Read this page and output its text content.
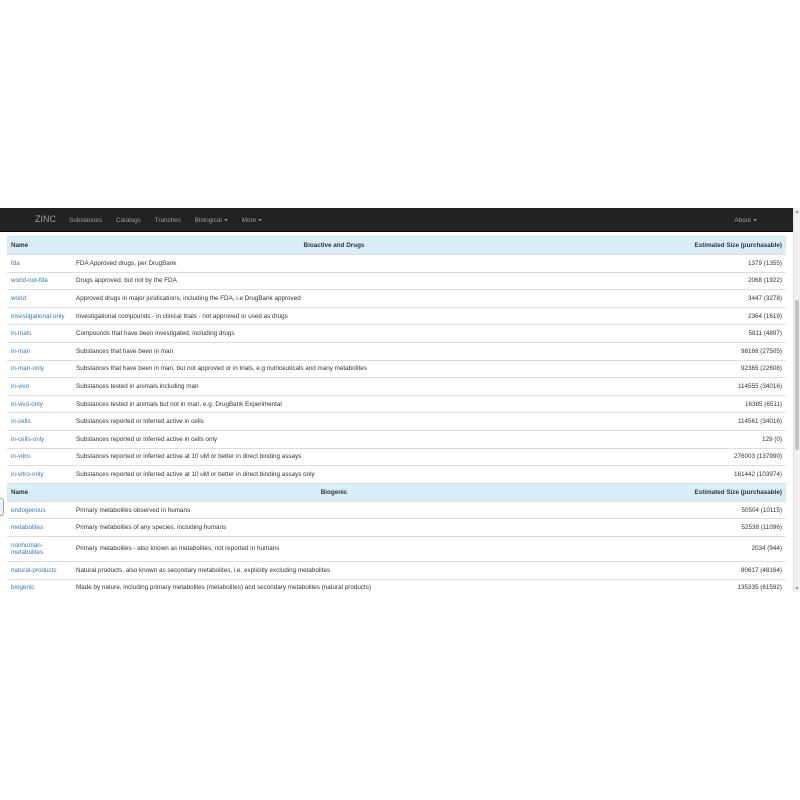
ZINC Substances Catalogs Tranches Biological	More	About
Name	Bioactive and Drugs	Estimated Size (purchasable)
fda	FDA Approved drugs, per DrugBank	1379 (1355)
world-not-fda	Drugs approved, but not by the FDA	2068 (1922)
world	Approved drugs in major juridications, including the FDA, i.e DrugBank approved	3447 (3278)
investigational-only	Investigational compounds - in clinical trials - not approved or used as drugs	2364 (1619)
in-trials	Compounds that have been investigated, including drugs	5811 (4897)
in-man	Substances that have been in man	98168 (27505)
in-man-only	Substances that have been in man, but not approved or in trials, e.g nutriceuticals and many metabolites	92365 (22608)
in-vivo	Substances tested in animals including man	114555 (34016)
in-vivo-only	Substances tested in animals but not in man, e.g. DrugBank Experimental	16385 (6511)
in-cells	Substances reported or inferred active in cells	114561 (34016)
in-cells-only	Substances reported or inferred active in cells only	129 (0)
in-vitro	Substances reported or inferred active at 10 uM or better in direct binding assays	276003 (137990)
in-vitro-only	Substances reported or inferred active at 10 uM or better in direct binding assays only	161442 (103974)
Name	Biogenic	Estimated Size (purchasable)
endogenous	Primary metabolites observed in humans	50504 (10115)
metabolites	Primary metabolites of any species, including humans	52538 (11096)
nonhuman-metabolites	Primary metabolites - also known as metabolites, not reported in humans	2034 (944)
natural-products	Natural products, also known as secondary metabolites, i.e. explicitly excluding metabolites	80617 (48164)
biogenic	Made by nature, including primary metabolites (metabolites) and secondary metabolites (natural products)	135335 (61592)
